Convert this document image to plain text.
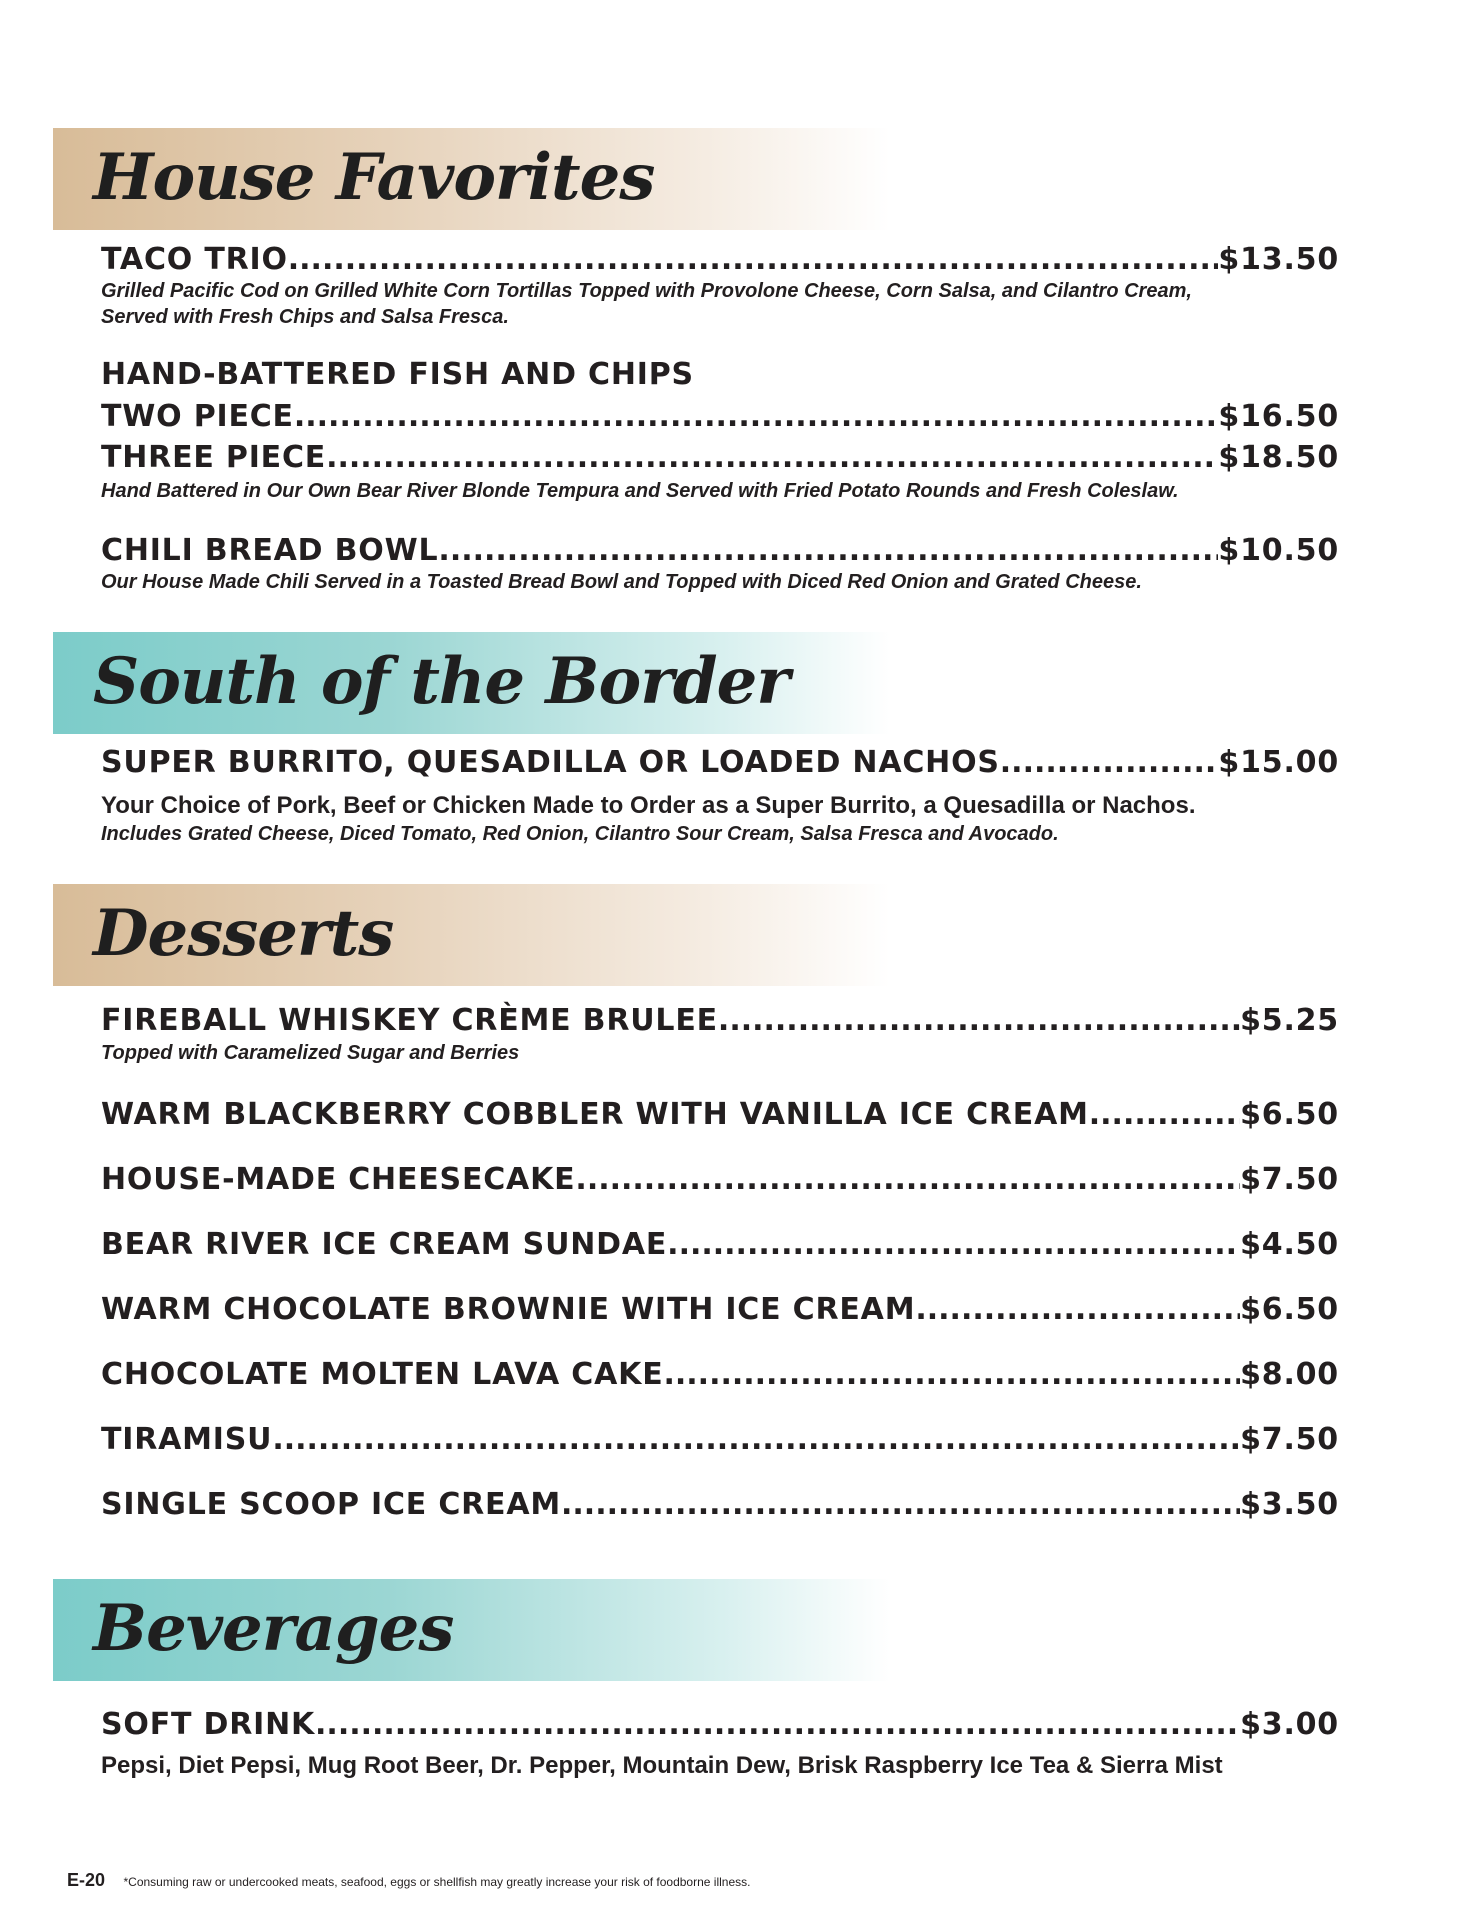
House Favorites
TACO TRIO .....	$13.50
Grilled Pacific Cod on Grilled White Corn Tortillas Topped with Provolone Cheese, Corn Salsa, and Cilantro Cream,
Served with Fresh Chips and Salsa Fresca.
HAND-BATTERED FISH AND CHIPS
TWO PIECE .....	$16.50
THREE PIECE .....	$18.50
Hand Battered in Our Own Bear River Blonde Tempura and Served with Fried Potato Rounds and Fresh Coleslaw.
CHILI BREAD BOWL .....	$10.50
Our House Made Chili Served in a Toasted Bread Bowl and Topped with Diced Red Onion and Grated Cheese.
South of the Border
SUPER BURRITO, QUESADILLA OR LOADED NACHOS .....	$15.00
Your Choice of Pork, Beef or Chicken Made to Order as a Super Burrito, a Quesadilla or Nachos.
Includes Grated Cheese, Diced Tomato, Red Onion, Cilantro Sour Cream, Salsa Fresca and Avocado.
Desserts
FIREBALL WHISKEY CRÈME BRULEE .....	$5.25
Topped with Caramelized Sugar and Berries
WARM BLACKBERRY COBBLER WITH VANILLA ICE CREAM .....	$6.50
HOUSE-MADE CHEESECAKE .....	$7.50
BEAR RIVER ICE CREAM SUNDAE .....	$4.50
WARM CHOCOLATE BROWNIE WITH ICE CREAM .....	$6.50
CHOCOLATE MOLTEN LAVA CAKE .....	$8.00
TIRAMISU .....	$7.50
SINGLE SCOOP ICE CREAM .....	$3.50
Beverages
SOFT DRINK .....	$3.00
Pepsi, Diet Pepsi, Mug Root Beer, Dr. Pepper, Mountain Dew, Brisk Raspberry Ice Tea & Sierra Mist
E-20 *Consuming raw or undercooked meats, seafood, eggs or shellfish may greatly increase your risk of foodborne illness.
